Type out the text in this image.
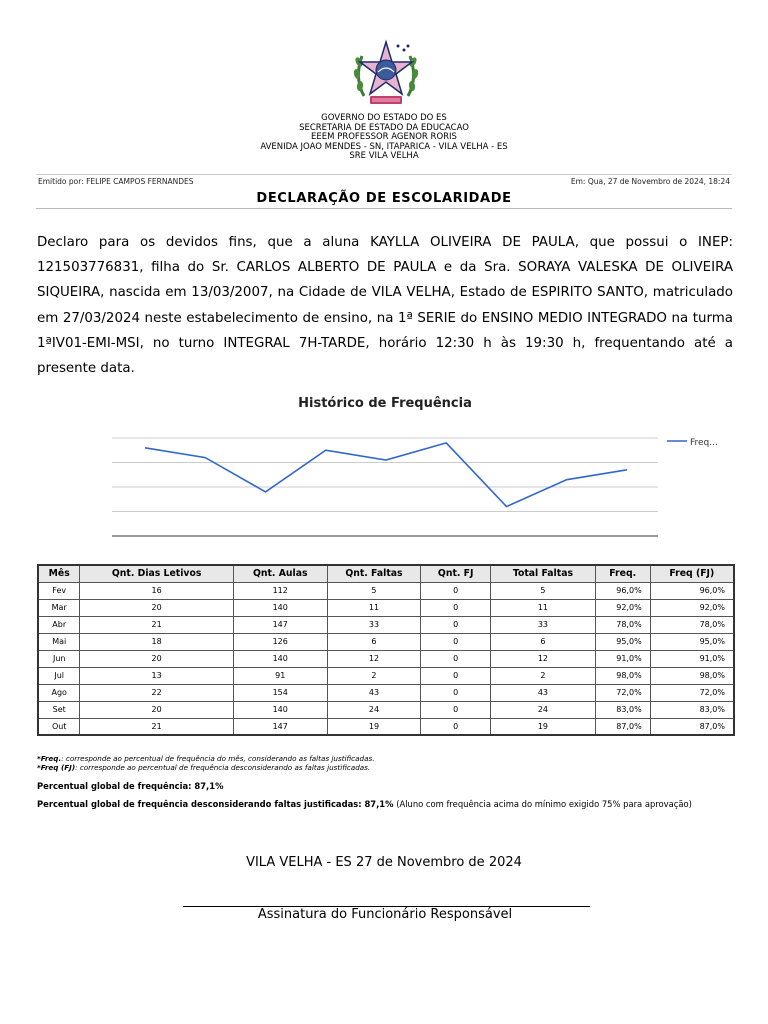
GOVERNO DO ESTADO DO ES
SECRETARIA DE ESTADO DA EDUCACAO
EEEM PROFESSOR AGENOR RORIS
AVENIDA JOAO MENDES - SN, ITAPARICA - VILA VELHA - ES
SRE VILA VELHA
Emitido por: FELIPE CAMPOS FERNANDES	Em: Qua, 27 de Novembro de 2024, 18:24
DECLARAÇÃO DE ESCOLARIDADE
Declaro para os devidos fins, que a aluna KAYLLA OLIVEIRA DE PAULA, que possui o INEP: 121503776831, filha do Sr. CARLOS ALBERTO DE PAULA e da Sra. SORAYA VALESKA DE OLIVEIRA SIQUEIRA, nascida em 13/03/2007, na Cidade de VILA VELHA, Estado de ESPIRITO SANTO, matriculado em 27/03/2024 neste estabelecimento de ensino, na 1ª SERIE do ENSINO MEDIO INTEGRADO na turma 1ªIV01-EMI-MSI, no turno INTEGRAL 7H-TARDE, horário 12:30 h às 19:30 h, frequentando até a presente data.
Histórico de Frequência
Freq...
Mês	Qnt. Dias Letivos	Qnt. Aulas	Qnt. Faltas	Qnt. FJ	Total Faltas	Freq.	Freq (FJ)
Fev	16	112	5	0	5	96,0%	96,0%
Mar	20	140	11	0	11	92,0%	92,0%
Abr	21	147	33	0	33	78,0%	78,0%
Mai	18	126	6	0	6	95,0%	95,0%
Jun	20	140	12	0	12	91,0%	91,0%
Jul	13	91	2	0	2	98,0%	98,0%
Ago	22	154	43	0	43	72,0%	72,0%
Set	20	140	24	0	24	83,0%	83,0%
Out	21	147	19	0	19	87,0%	87,0%
*Freq.: corresponde ao percentual de frequência do mês, considerando as faltas justificadas.
*Freq (FJ): corresponde ao percentual de frequência desconsiderando as faltas justificadas.
Percentual global de frequência: 87,1%
Percentual global de frequência desconsiderando faltas justificadas: 87,1% (Aluno com frequência acima do mínimo exigido 75% para aprovação)
VILA VELHA - ES 27 de Novembro de 2024
Assinatura do Funcionário Responsável
